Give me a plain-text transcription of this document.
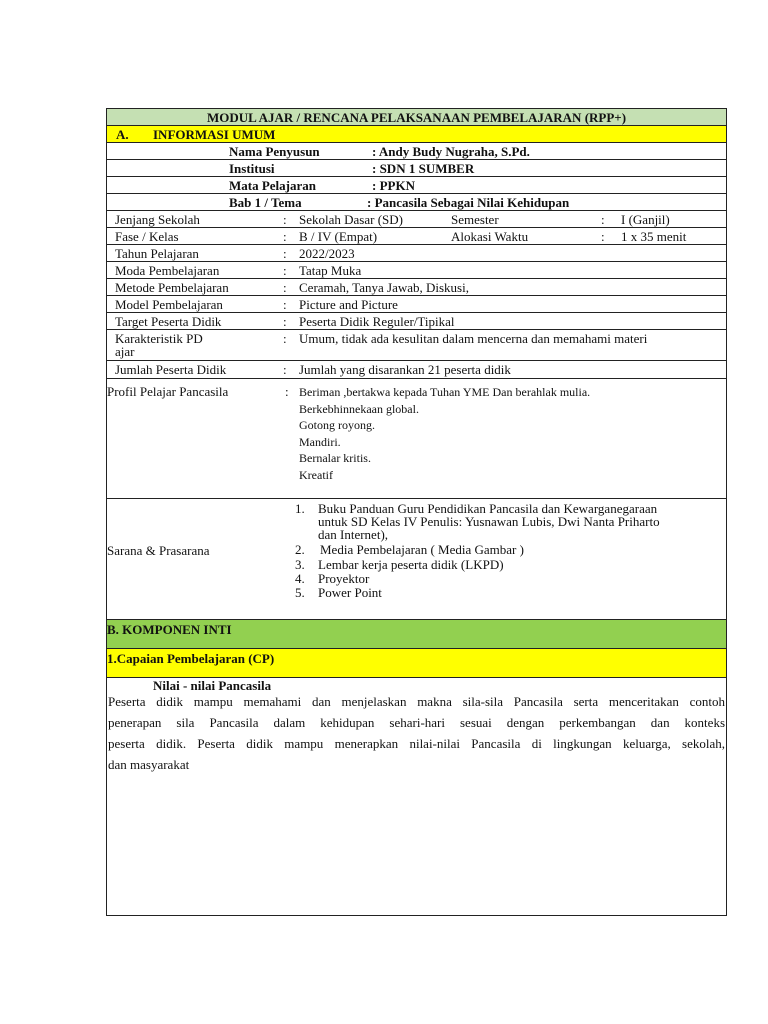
MODUL AJAR / RENCANA PELAKSANAAN PEMBELAJARAN (RPP+)
A. INFORMASI UMUM
Nama Penyusun	: Andy Budy Nugraha, S.Pd.
Institusi	: SDN 1 SUMBER
Mata Pelajaran	: PPKN
Bab 1 / Tema	: Pancasila Sebagai Nilai Kehidupan
Jenjang Sekolah	: Sekolah Dasar (SD)	Semester	: I (Ganjil)
Fase / Kelas	: B / IV (Empat)	Alokasi Waktu	: 1 x 35 menit
Tahun Pelajaran	: 2022/2023
Moda Pembelajaran	: Tatap Muka
Metode Pembelajaran	: Ceramah, Tanya Jawab, Diskusi,
Model Pembelajaran	: Picture and Picture
Target Peserta Didik	: Peserta Didik Reguler/Tipikal
Karakteristik PD
ajar
: Umum, tidak ada kesulitan dalam mencerna dan memahami materi
Jumlah Peserta Didik	: Jumlah yang disarankan 21 peserta didik
Profil Pelajar Pancasila	: Beriman ,bertakwa kepada Tuhan YME Dan berahlak mulia.
Berkebhinnekaan global.
Gotong royong.
Mandiri.
Bernalar kritis.
Kreatif
Sarana & Prasarana
1. Buku Panduan Guru Pendidikan Pancasila dan Kewarganegaraan
untuk SD Kelas IV Penulis: Yusnawan Lubis, Dwi Nanta Priharto
dan Internet),
2. Media Pembelajaran ( Media Gambar )
3. Lembar kerja peserta didik (LKPD)
4. Proyektor
5. Power Point
B. KOMPONEN INTI
1.Capaian Pembelajaran (CP)
Nilai - nilai Pancasila
Peserta didik mampu memahami dan menjelaskan makna sila-sila Pancasila serta menceritakan contoh
penerapan sila Pancasila dalam kehidupan sehari-hari sesuai dengan perkembangan dan konteks
peserta didik. Peserta didik mampu menerapkan nilai-nilai Pancasila di lingkungan keluarga, sekolah,
dan masyarakat
